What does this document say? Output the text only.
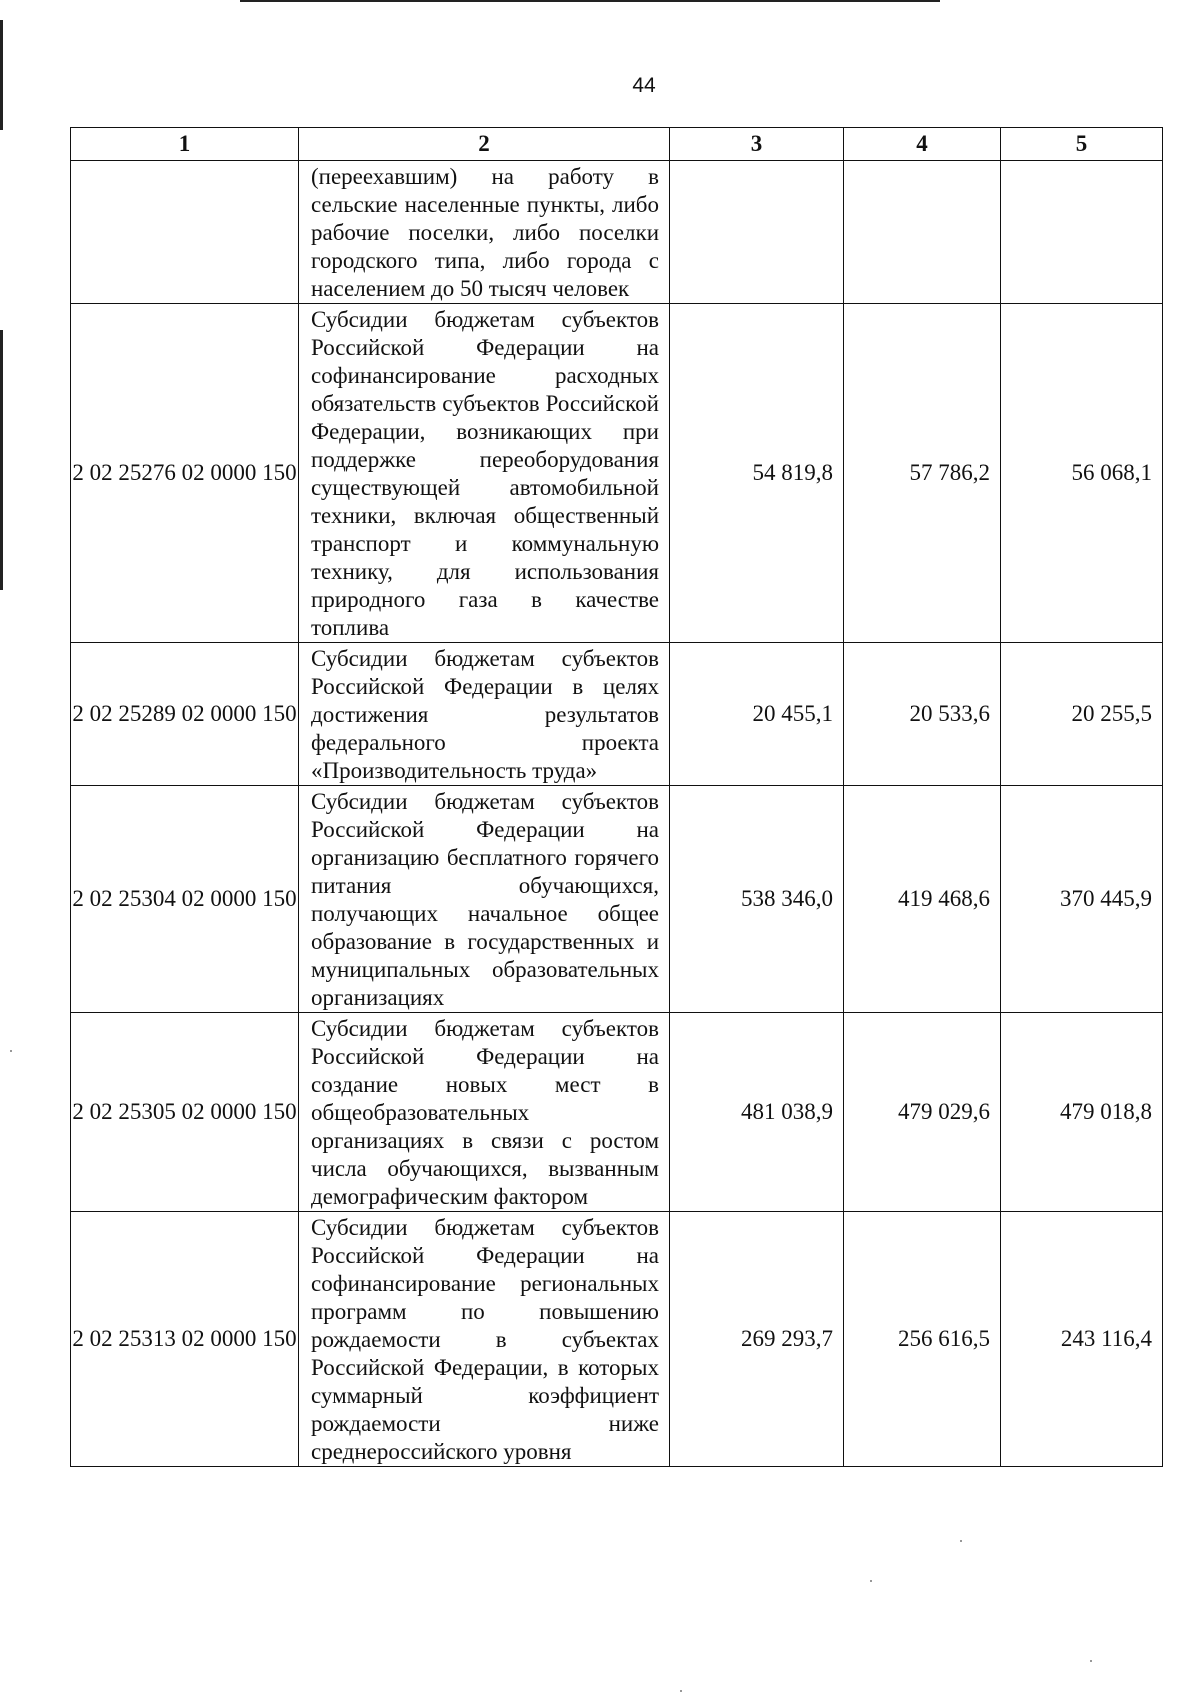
44
1	2	3	4	5
	(переехавшим) на работу в сельские населенные пункты, либо рабочие поселки, либо поселки городского типа, либо города с населением до 50 тысяч человек			
2 02 25276 02 0000 150	Субсидии бюджетам субъектов Российской Федерации на софинансирование расходных обязательств субъектов Российской Федерации, возникающих при поддержке переоборудования существующей автомобильной техники, включая общественный транспорт и коммунальную технику, для использования природного газа в качестве топлива	54 819,8	57 786,2	56 068,1
2 02 25289 02 0000 150	Субсидии бюджетам субъектов Российской Федерации в целях достижения результатов федерального проекта «Производительность труда»	20 455,1	20 533,6	20 255,5
2 02 25304 02 0000 150	Субсидии бюджетам субъектов Российской Федерации на организацию бесплатного горячего питания обучающихся, получающих начальное общее образование в государственных и муниципальных образовательных организациях	538 346,0	419 468,6	370 445,9
2 02 25305 02 0000 150	Субсидии бюджетам субъектов Российской Федерации на создание новых мест в общеобразовательных организациях в связи с ростом числа обучающихся, вызванным демографическим фактором	481 038,9	479 029,6	479 018,8
2 02 25313 02 0000 150	Субсидии бюджетам субъектов Российской Федерации на софинансирование региональных программ по повышению рождаемости в субъектах Российской Федерации, в которых суммарный коэффициент рождаемости ниже среднероссийского уровня	269 293,7	256 616,5	243 116,4
